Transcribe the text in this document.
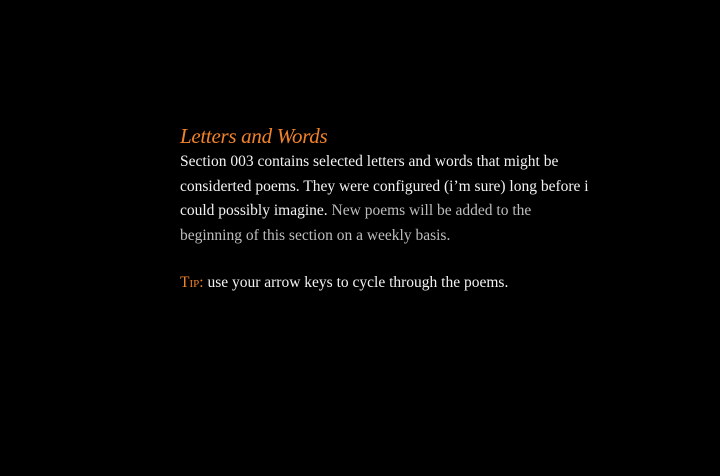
Letters and Words

Section 003 contains selected letters and words that might be considerted poems. They were configured (i’m sure) long before i could possibly imagine. New poems will be added to the beginning of this section on a weekly basis.

Tip: use your arrow keys to cycle through the poems.
